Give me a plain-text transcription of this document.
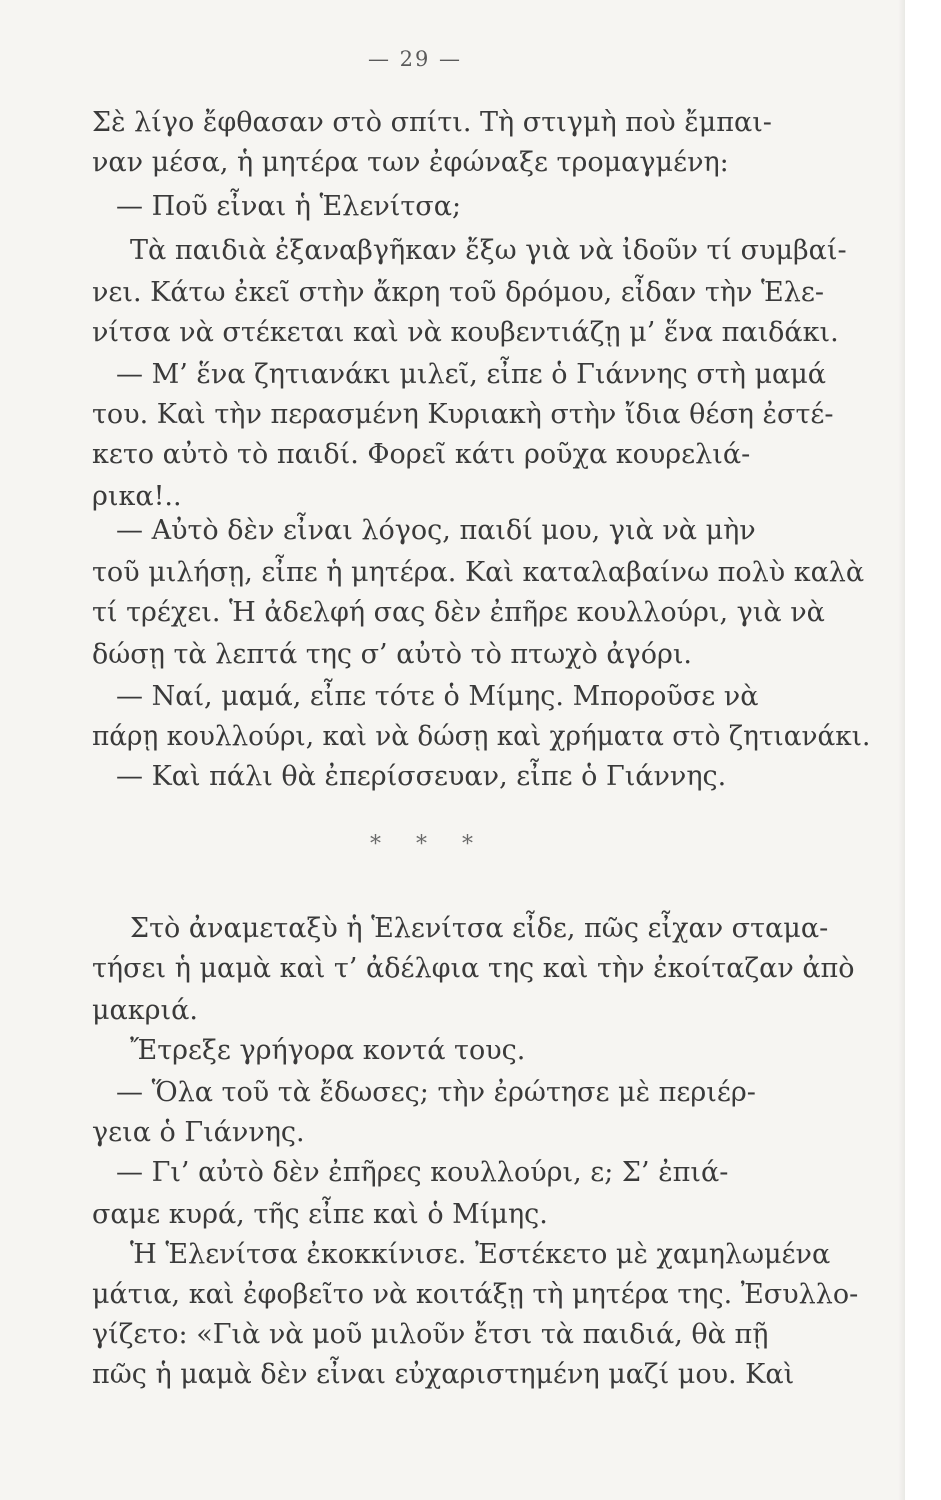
— 29 —
Σὲ λίγο ἔφθασαν στὸ σπίτι. Τὴ στιγμὴ ποὺ ἔμπαι-
ναν μέσα, ἡ μητέρα των ἐφώναξε τρομαγμένη:
— Ποῦ εἶναι ἡ Ἑλενίτσα;
Τὰ παιδιὰ ἐξαναβγῆκαν ἔξω γιὰ νὰ ἰδοῦν τί συμβαί-
νει. Κάτω ἐκεῖ στὴν ἄκρη τοῦ δρόμου, εἶδαν τὴν Ἑλε-
νίτσα νὰ στέκεται καὶ νὰ κουβεντιάζῃ μ’ ἕνα παιδάκι.
— Μ’ ἕνα ζητιανάκι μιλεῖ, εἶπε ὁ Γιάννης στὴ μαμά
του. Καὶ τὴν περασμένη Κυριακὴ στὴν ἴδια θέση ἐστέ-
κετο αὐτὸ τὸ παιδί. Φορεῖ κάτι ροῦχα κουρελιά-
ρικα!..
— Αὐτὸ δὲν εἶναι λόγος, παιδί μου, γιὰ νὰ μὴν
τοῦ μιλήσῃ, εἶπε ἡ μητέρα. Καὶ καταλαβαίνω πολὺ καλὰ
τί τρέχει. Ἡ ἀδελφή σας δὲν ἐπῆρε κουλλούρι, γιὰ νὰ
δώσῃ τὰ λεπτά της σ’ αὐτὸ τὸ πτωχὸ ἀγόρι.
— Ναί, μαμά, εἶπε τότε ὁ Μίμης. Μποροῦσε νὰ
πάρῃ κουλλούρι, καὶ νὰ δώσῃ καὶ χρήματα στὸ ζητιανάκι.
— Καὶ πάλι θὰ ἐπερίσσευαν, εἶπε ὁ Γιάννης.
* * *
Στὸ ἀναμεταξὺ ἡ Ἑλενίτσα εἶδε, πῶς εἶχαν σταμα-
τήσει ἡ μαμὰ καὶ τ’ ἀδέλφια της καὶ τὴν ἐκοίταζαν ἀπὸ
μακριά.
Ἔτρεξε γρήγορα κοντά τους.
— Ὅλα τοῦ τὰ ἔδωσες; τὴν ἐρώτησε μὲ περιέρ-
γεια ὁ Γιάννης.
— Γι’ αὐτὸ δὲν ἐπῆρες κουλλούρι, ε; Σ’ ἐπιά-
σαμε κυρά, τῆς εἶπε καὶ ὁ Μίμης.
Ἡ Ἑλενίτσα ἐκοκκίνισε. Ἐστέκετο μὲ χαμηλωμένα
μάτια, καὶ ἐφοβεῖτο νὰ κοιτάξῃ τὴ μητέρα της. Ἐσυλλο-
γίζετο: «Γιὰ νὰ μοῦ μιλοῦν ἔτσι τὰ παιδιά, θὰ πῇ
πῶς ἡ μαμὰ δὲν εἶναι εὐχαριστημένη μαζί μου. Καὶ
